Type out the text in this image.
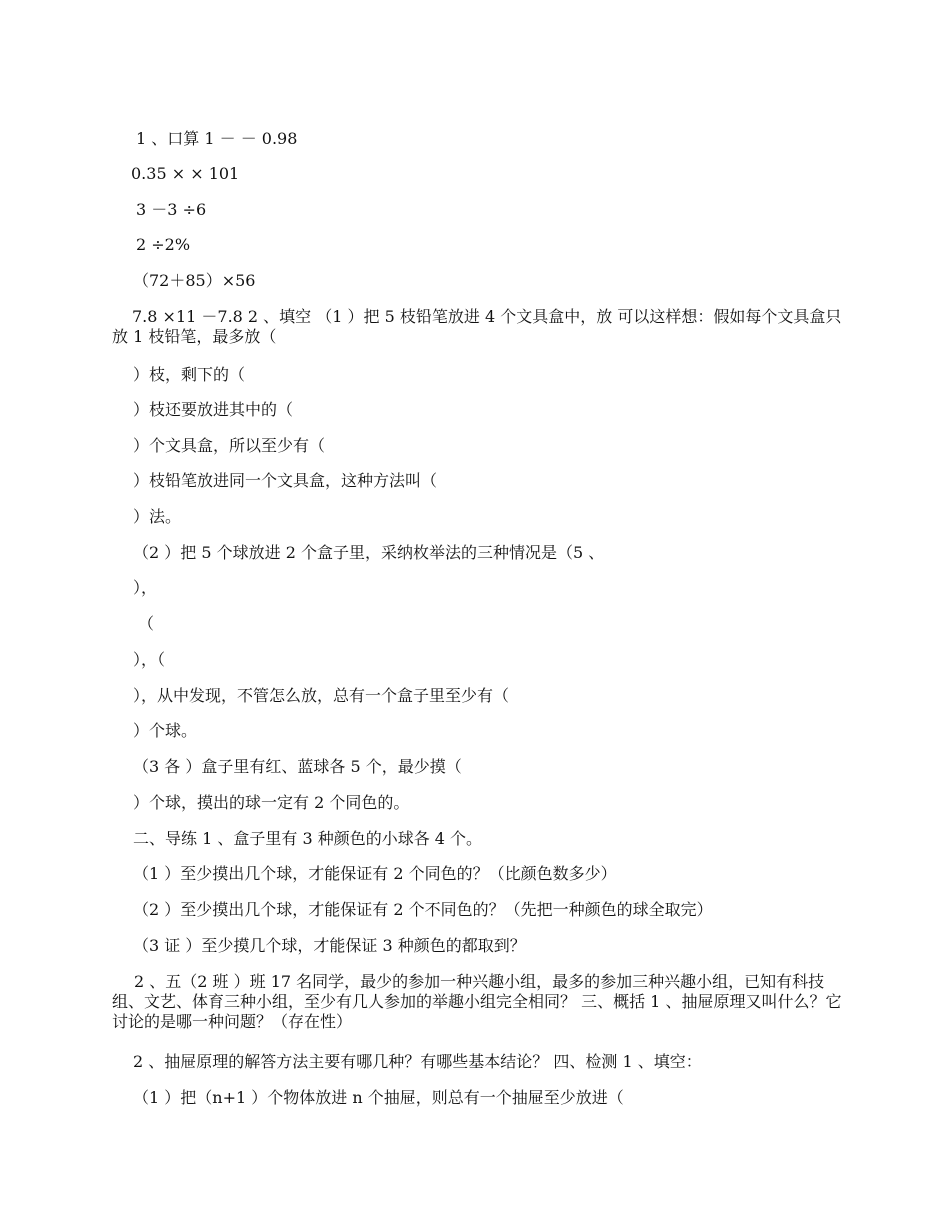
1 、口算 1 － － 0.98
0.35 × × 101
3 －3 ÷6
2 ÷2%
（72＋85）×56
7.8 ×11 －7.8 2 、填空 （1 ）把 5 枝铅笔放进 4 个文具盒中，放 可以这样想：假如每个文具盒只放 1 枝铅笔，最多放（
）枝，剩下的（
）枝还要放进其中的（
）个文具盒，所以至少有（
）枝铅笔放进同一个文具盒，这种方法叫（
）法。
（2 ）把 5 个球放进 2 个盒子里，采纳枚举法的三种情况是（5 、
），
（
），（
），从中发现，不管怎么放，总有一个盒子里至少有（
）个球。
（3 各 ）盒子里有红、蓝球各 5 个，最少摸（
）个球，摸出的球一定有 2 个同色的。
二、导练 1 、盒子里有 3 种颜色的小球各 4 个。
（1 ）至少摸出几个球，才能保证有 2 个同色的？（比颜色数多少）
（2 ）至少摸出几个球，才能保证有 2 个不同色的？（先把一种颜色的球全取完）
（3 证 ）至少摸几个球，才能保证 3 种颜色的都取到？
2 、五（2 班 ）班 17 名同学，最少的参加一种兴趣小组，最多的参加三种兴趣小组，已知有科技组、文艺、体育三种小组，至少有几人参加的举趣小组完全相同？ 三、概括 1 、抽屉原理又叫什么？它讨论的是哪一种问题？（存在性）
2 、抽屉原理的解答方法主要有哪几种？有哪些基本结论？ 四、检测 1 、填空：
（1 ）把（n+1 ）个物体放进 n 个抽屉，则总有一个抽屉至少放进（
